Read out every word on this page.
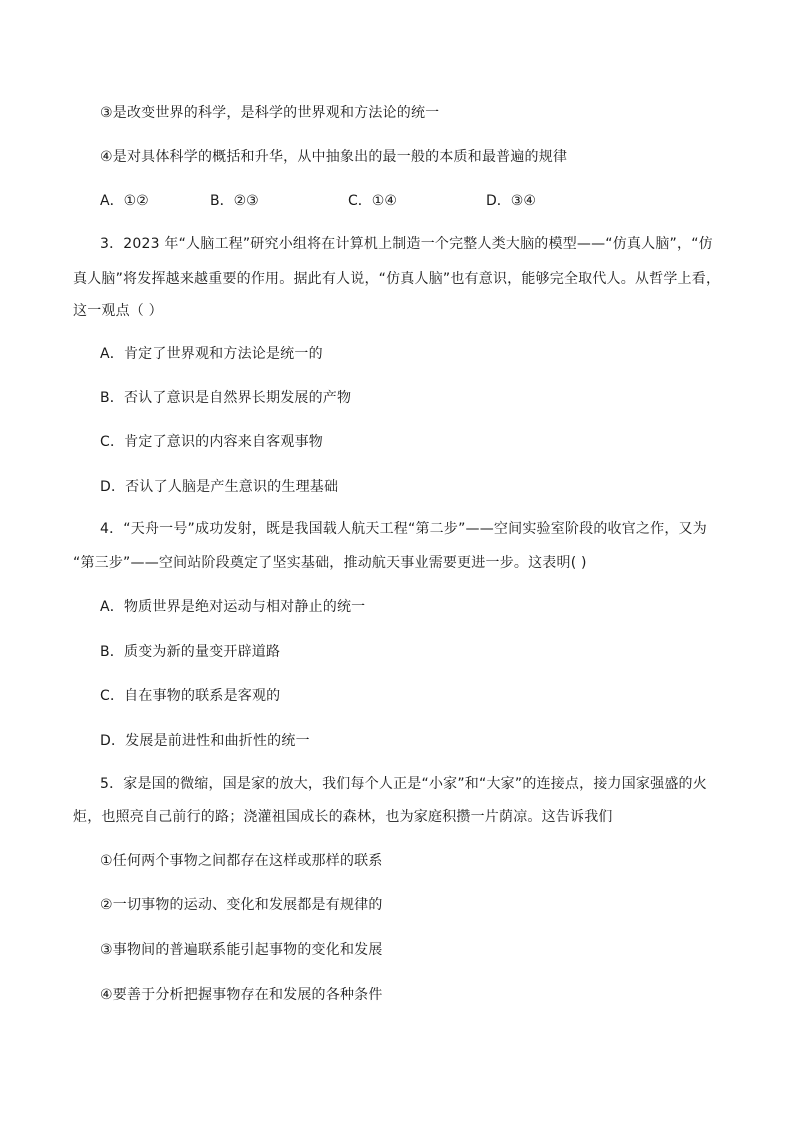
③是改变世界的科学，是科学的世界观和方法论的统一
④是对具体科学的概括和升华，从中抽象出的最一般的本质和最普遍的规律
A．①②	B．②③	C．①④	D．③④
3．2023 年“人脑工程”研究小组将在计算机上制造一个完整人类大脑的模型——“仿真人脑”，“仿
真人脑”将发挥越来越重要的作用。据此有人说，“仿真人脑”也有意识，能够完全取代人。从哲学上看，
这一观点（ ）
A．肯定了世界观和方法论是统一的
B．否认了意识是自然界长期发展的产物
C．肯定了意识的内容来自客观事物
D．否认了人脑是产生意识的生理基础
4．“天舟一号”成功发射，既是我国载人航天工程“第二步”——空间实验室阶段的收官之作，又为
“第三步”——空间站阶段奠定了坚实基础，推动航天事业需要更进一步。这表明( )
A．物质世界是绝对运动与相对静止的统一
B．质变为新的量变开辟道路
C．自在事物的联系是客观的
D．发展是前进性和曲折性的统一
5．家是国的微缩，国是家的放大，我们每个人正是“小家”和“大家”的连接点，接力国家强盛的火
炬，也照亮自己前行的路；浇灌祖国成长的森林，也为家庭积攒一片荫凉。这告诉我们
①任何两个事物之间都存在这样或那样的联系
②一切事物的运动、变化和发展都是有规律的
③事物间的普遍联系能引起事物的变化和发展
④要善于分析把握事物存在和发展的各种条件
